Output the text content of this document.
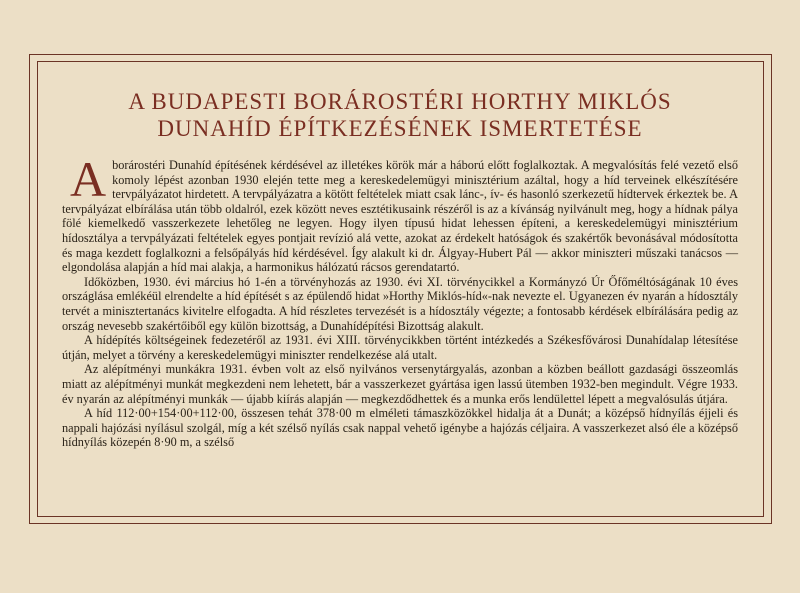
A BUDAPESTI BORÁROSTÉRI HORTHY MIKLÓS
DUNAHÍD ÉPÍTKEZÉSÉNEK ISMERTETÉSE
A borárostéri Dunahíd építésének kérdésével az illetékes körök már a háború előtt foglalkoztak. A megvalósítás felé vezető első komoly lépést azonban 1930 elején tette meg a kereskedelemügyi minisztérium azáltal, hogy a híd terveinek elkészítésére tervpályázatot hirdetett. A tervpályázatra a kötött feltételek miatt csak lánc-, ív- és hasonló szerkezetű hídtervek érkeztek be. A tervpályázat elbírálása után több oldalról, ezek között neves esztétikusaink részéről is az a kívánság nyilvánult meg, hogy a hídnak pálya fölé kiemelkedő vasszerkezete lehetőleg ne legyen. Hogy ilyen típusú hidat lehessen építeni, a kereskedelemügyi minisztérium hídosztálya a tervpályázati feltételek egyes pontjait revízió alá vette, azokat az érdekelt hatóságok és szakértők bevonásával módosította és maga kezdett foglalkozni a felsőpályás híd kérdésével. Így alakult ki dr. Álgyay-Hubert Pál — akkor miniszteri műszaki tanácsos — elgondolása alapján a híd mai alakja, a harmonikus hálózatú rácsos gerendatartó.

Időközben, 1930. évi március hó 1-én a törvényhozás az 1930. évi XI. törvénycikkel a Kormányzó Úr Őfőméltóságának 10 éves országlása emlékéül elrendelte a híd építését s az épülendő hidat »Horthy Miklós-híd«-nak nevezte el. Ugyanezen év nyarán a hídosztály tervét a minisztertanács kivitelre elfogadta. A híd részletes tervezését is a hídosztály végezte; a fontosabb kérdések elbírálására pedig az ország nevesebb szakértőiből egy külön bizottság, a Dunahídépítési Bizottság alakult.

A hídépítés költségeinek fedezetéről az 1931. évi XIII. törvénycikkben történt intézkedés a Székesfővárosi Dunahídalap létesítése útján, melyet a törvény a kereskedelemügyi miniszter rendelkezése alá utalt.

Az alépítményi munkákra 1931. évben volt az első nyilvános versenytárgyalás, azonban a közben beállott gazdasági összeomlás miatt az alépítményi munkát megkezdeni nem lehetett, bár a vasszerkezet gyártása igen lassú ütemben 1932-ben megindult. Végre 1933. év nyarán az alépítményi munkák — újabb kiírás alapján — megkezdődhettek és a munka erős lendülettel lépett a megvalósulás útjára.

A híd 112·00+154·00+112·00, összesen tehát 378·00 m elméleti támaszközökkel hidalja át a Dunát; a középső hídnyílás éjjeli és nappali hajózási nyílásul szolgál, míg a két szélső nyílás csak nappal vehető igénybe a hajózás céljaira. A vasszerkezet alsó éle a középső hídnyílás közepén 8·90 m, a szélső
